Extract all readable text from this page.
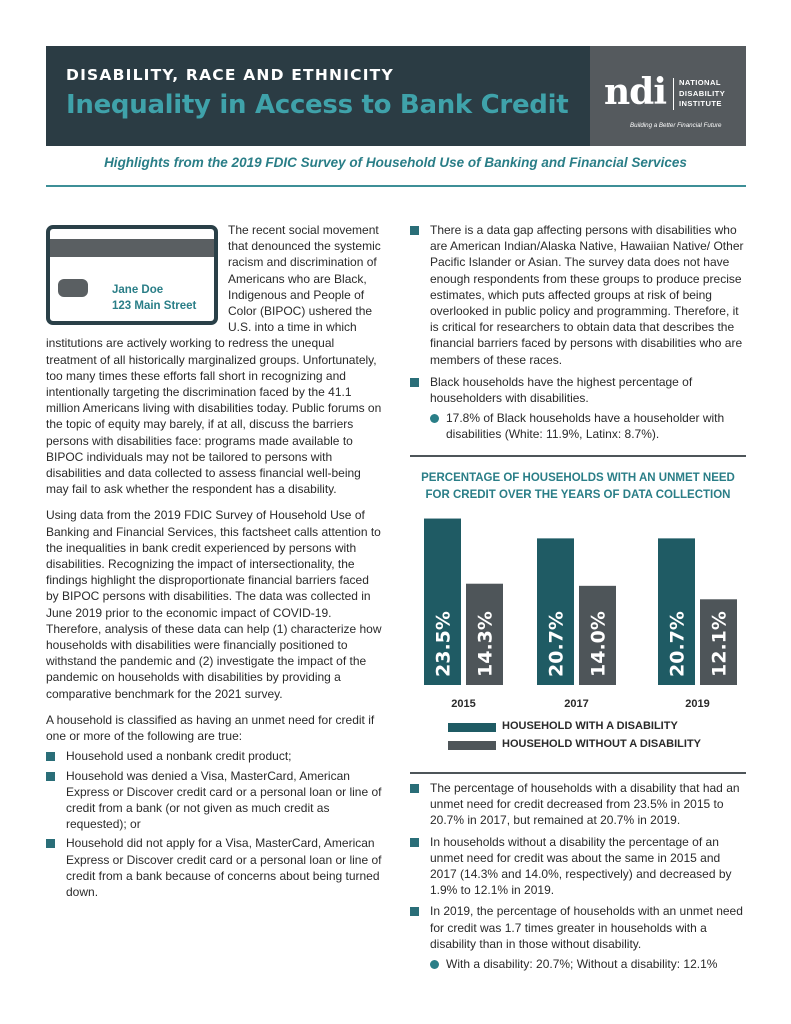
DISABILITY, RACE AND ETHNICITY
Inequality in Access to Bank Credit ndi NATIONAL
DISABILITY
INSTITUTE
Building a Better Financial Future
Highlights from the 2019 FDIC Survey of Household Use of Banking and Financial Services
Jane Doe
123 Main Street

The recent social movement that denounced the systemic racism and discrimination of Americans who are Black, Indigenous and People of Color (BIPOC) ushered the U.S. into a time in which institutions are actively working to redress the unequal treatment of all historically marginalized groups. Unfortunately, too many times these efforts fall short in recognizing and intentionally targeting the discrimination faced by the 41.1 million Americans living with disabilities today. Public forums on the topic of equity may barely, if at all, discuss the barriers persons with disabilities face: programs made available to BIPOC individuals may not be tailored to persons with disabilities and data collected to assess financial well-being may fail to ask whether the respondent has a disability.

Using data from the 2019 FDIC Survey of Household Use of Banking and Financial Services, this factsheet calls attention to the inequalities in bank credit experienced by persons with disabilities. Recognizing the impact of intersectionality, the findings highlight the disproportionate financial barriers faced by BIPOC persons with disabilities. The data was collected in June 2019 prior to the economic impact of COVID-19. Therefore, analysis of these data can help (1) characterize how households with disabilities were financially positioned to withstand the pandemic and (2) investigate the impact of the pandemic on households with disabilities by providing a comparative benchmark for the 2021 survey.

A household is classified as having an unmet need for credit if one or more of the following are true:

Household used a nonbank credit product;
Household was denied a Visa, MasterCard, American Express or Discover credit card or a personal loan or line of credit from a bank (or not given as much credit as requested); or
Household did not apply for a Visa, MasterCard, American Express or Discover credit card or a personal loan or line of credit from a bank because of concerns about being turned down.
There is a data gap affecting persons with disabilities who are American Indian/Alaska Native, Hawaiian Native/ Other Pacific Islander or Asian. The survey data does not have enough respondents from these groups to produce precise estimates, which puts affected groups at risk of being overlooked in public policy and programming. Therefore, it is critical for researchers to obtain data that describes the financial barriers faced by persons with disabilities who are members of these races.
Black households have the highest percentage of householders with disabilities.
17.8% of Black households have a householder with disabilities (White: 11.9%, Latinx: 8.7%).
PERCENTAGE OF HOUSEHOLDS WITH AN UNMET NEED FOR CREDIT OVER THE YEARS OF DATA COLLECTION
23.5% 14.3%
2015
20.7% 14.0%
2017
20.7% 12.1%
2019
HOUSEHOLD WITH A DISABILITY
HOUSEHOLD WITHOUT A DISABILITY
The percentage of households with a disability that had an unmet need for credit decreased from 23.5% in 2015 to 20.7% in 2017, but remained at 20.7% in 2019.
In households without a disability the percentage of an unmet need for credit was about the same in 2015 and 2017 (14.3% and 14.0%, respectively) and decreased by 1.9% to 12.1% in 2019.
In 2019, the percentage of households with an unmet need for credit was 1.7 times greater in households with a disability than in those without disability.
With a disability: 20.7%; Without a disability: 12.1%
